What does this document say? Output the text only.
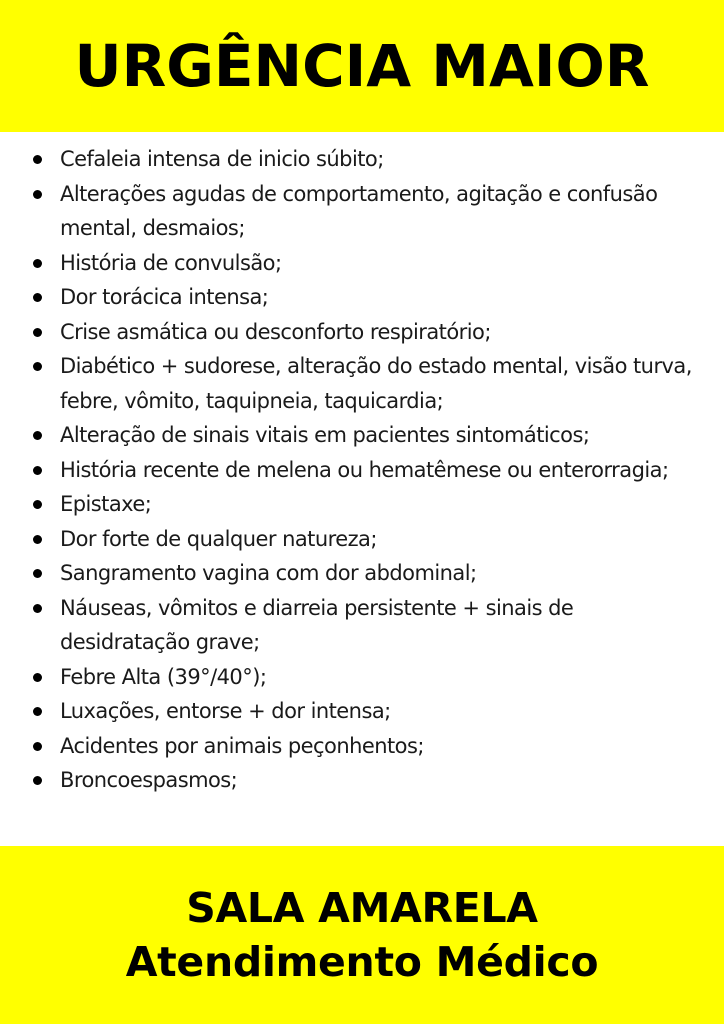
URGÊNCIA MAIOR
Cefaleia intensa de inicio súbito;
Alterações agudas de comportamento, agitação e confusão mental, desmaios;
História de convulsão;
Dor torácica intensa;
Crise asmática ou desconforto respiratório;
Diabético + sudorese, alteração do estado mental, visão turva, febre, vômito, taquipneia, taquicardia;
Alteração de sinais vitais em pacientes sintomáticos;
História recente de melena ou hematêmese ou enterorragia;
Epistaxe;
Dor forte de qualquer natureza;
Sangramento vagina com dor abdominal;
Náuseas, vômitos e diarreia persistente + sinais de desidratação grave;
Febre Alta (39°/40°);
Luxações, entorse + dor intensa;
Acidentes por animais peçonhentos;
Broncoespasmos;
SALA AMARELA
Atendimento Médico
